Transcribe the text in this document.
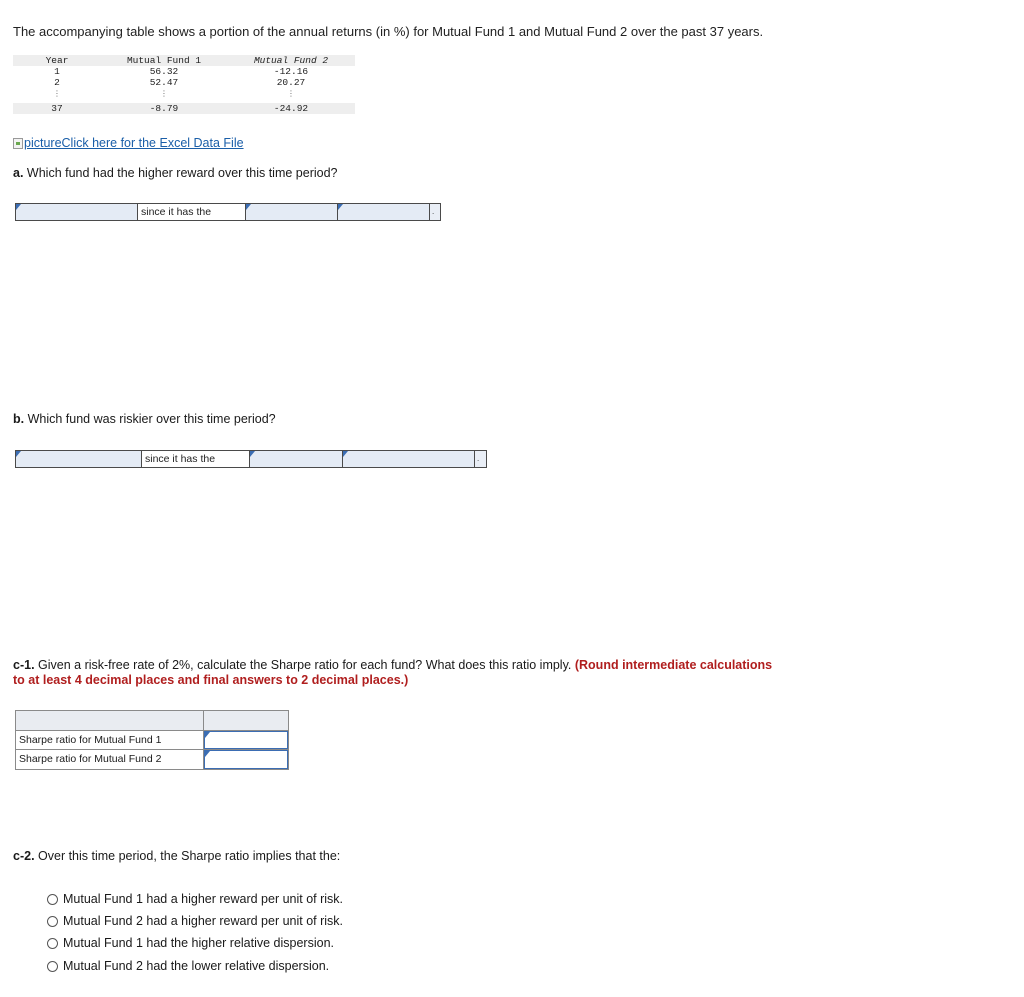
The accompanying table shows a portion of the annual returns (in %) for Mutual Fund 1 and Mutual Fund 2 over the past 37 years.
Year	Mutual Fund 1	Mutual Fund 2
1	56.32	-12.16
2	52.47	20.27
⋮	⋮	⋮
37	-8.79	-24.92
picture Click here for the Excel Data File
a. Which fund had the higher reward over this time period?
since it has the	.
b. Which fund was riskier over this time period?
since it has the	.
c-1. Given a risk-free rate of 2%, calculate the Sharpe ratio for each fund? What does this ratio imply. (Round intermediate calculations
to at least 4 decimal places and final answers to 2 decimal places.)
Sharpe ratio for Mutual Fund 1
Sharpe ratio for Mutual Fund 2
c-2. Over this time period, the Sharpe ratio implies that the:
Mutual Fund 1 had a higher reward per unit of risk.
Mutual Fund 2 had a higher reward per unit of risk.
Mutual Fund 1 had the higher relative dispersion.
Mutual Fund 2 had the lower relative dispersion.
